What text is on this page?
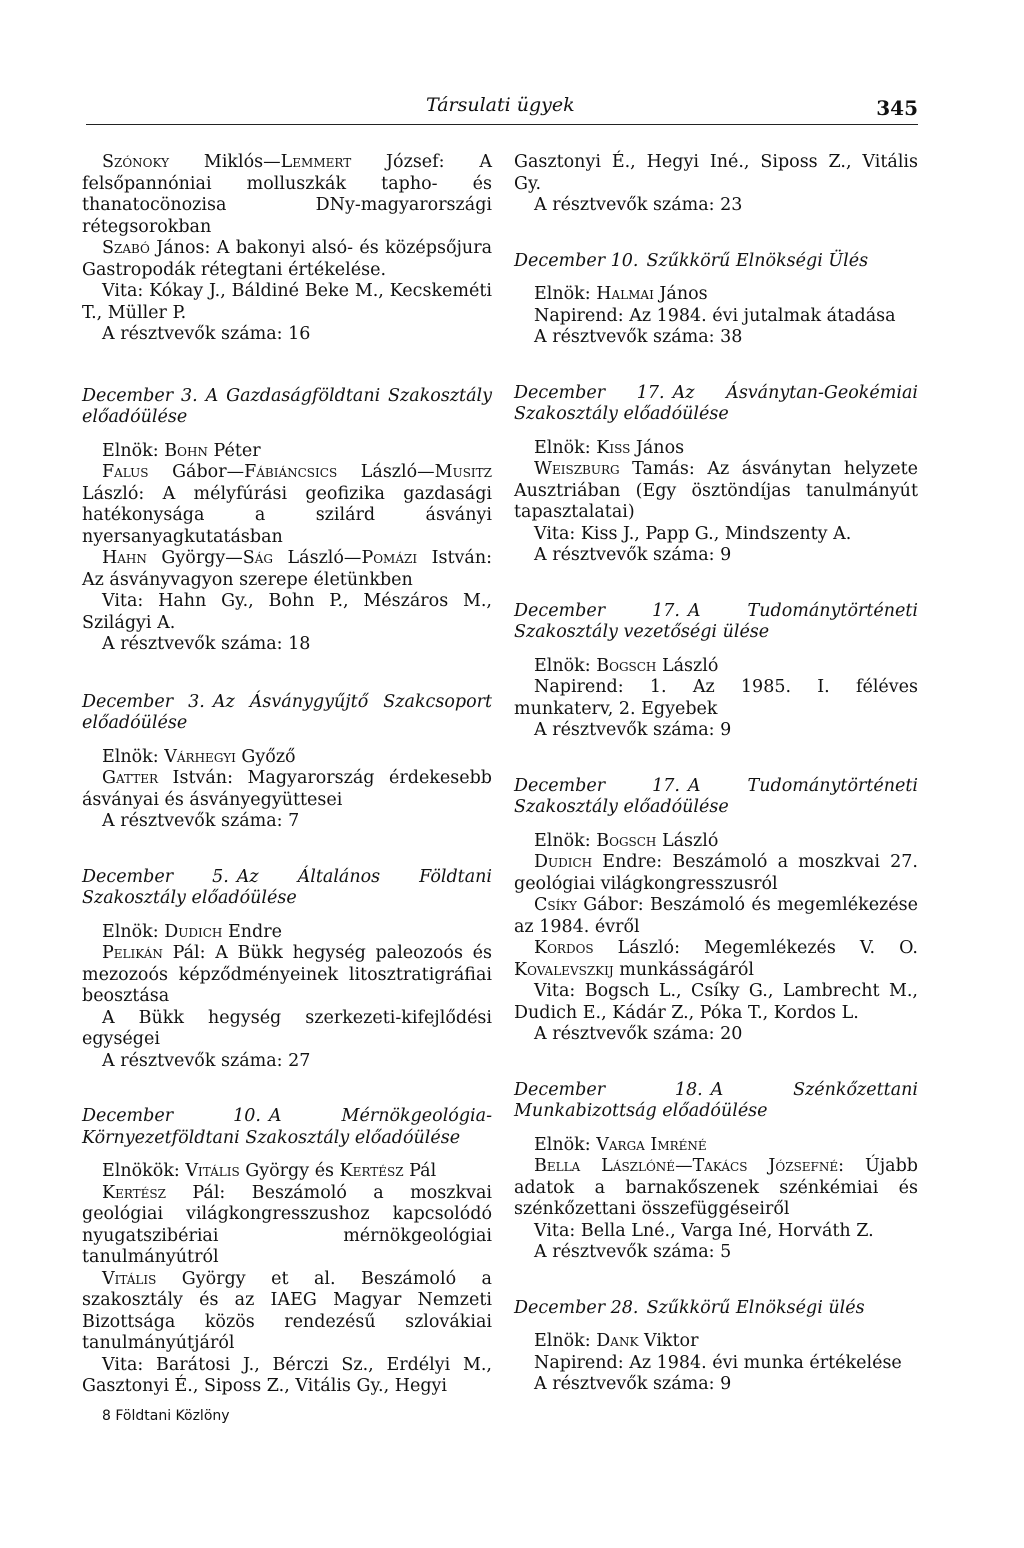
Társulati ügyek	345

Szónoky Miklós—Lemmert József: A felsőpannóniai molluszkák tapho- és thanatocönozisa DNy-magyarországi rétegsorokban

Szabó János: A bakonyi alsó- és középsőjura Gastropodák rétegtani értékelése.

Vita: Kókay J., Báldiné Beke M., Kecskeméti T., Müller P.

A résztvevők száma: 16

December 3. A Gazdaságföldtani Szakosztály előadóülése

Elnök: Bohn Péter

Falus Gábor—Fábiáncsics László—Musitz László: A mélyfúrási geofizika gazdasági hatékonysága a szilárd ásványi nyersanyagkutatásban

Hahn György—Ság László—Pomázi István: Az ásványvagyon szerepe életünkben

Vita: Hahn Gy., Bohn P., Mészáros M., Szilágyi A.

A résztvevők száma: 18

December 3. Az Ásványgyűjtő Szakcsoport előadóülése

Elnök: Várhegyi Győző

Gatter István: Magyarország érdekesebb ásványai és ásványegyüttesei

A résztvevők száma: 7

December 5. Az Általános Földtani Szakosztály előadóülése

Elnök: Dudich Endre

Pelikán Pál: A Bükk hegység paleozoós és mezozoós képződményeinek litosztratigráfiai beosztása

A Bükk hegység szerkezeti-kifejlődési egységei

A résztvevők száma: 27

December 10. A Mérnökgeológia-Környezetföldtani Szakosztály előadóülése

Elnökök: Vitális György és Kertész Pál

Kertész Pál: Beszámoló a moszkvai geológiai világkongresszushoz kapcsolódó nyugatszibériai mérnökgeológiai tanulmányútról

Vitális György et al. Beszámoló a szakosztály és az IAEG Magyar Nemzeti Bizottsága közös rendezésű szlovákiai tanulmányútjáról

Vita: Barátosi J., Bérczi Sz., Erdélyi M., Gasztonyi É., Siposs Z., Vitális Gy., Hegyi

Gasztonyi É., Hegyi Iné., Siposs Z., Vitális Gy.

A résztvevők száma: 23

December 10. Szűkkörű Elnökségi Ülés

Elnök: Halmai János

Napirend: Az 1984. évi jutalmak átadása

A résztvevők száma: 38

December 17. Az Ásványtan-Geokémiai Szakosztály előadóülése

Elnök: Kiss János

Weiszburg Tamás: Az ásványtan helyzete Ausztriában (Egy ösztöndíjas tanulmányút tapasztalatai)

Vita: Kiss J., Papp G., Mindszenty A.

A résztvevők száma: 9

December 17. A Tudománytörténeti Szakosztály vezetőségi ülése

Elnök: Bogsch László

Napirend: 1. Az 1985. I. féléves munkaterv, 2. Egyebek

A résztvevők száma: 9

December 17. A Tudománytörténeti Szakosztály előadóülése

Elnök: Bogsch László

Dudich Endre: Beszámoló a moszkvai 27. geológiai világkongresszusról

Csíky Gábor: Beszámoló és megemlékezése az 1984. évről

Kordos László: Megemlékezés V. O. Kovalevszkij munkásságáról

Vita: Bogsch L., Csíky G., Lambrecht M., Dudich E., Kádár Z., Póka T., Kordos L.

A résztvevők száma: 20

December 18. A Szénkőzettani Munkabizottság előadóülése

Elnök: Varga Imréné

Bella Lászlóné—Takács Józsefné: Újabb adatok a barnakőszenek szénkémiai és szénkőzettani összefüggéseiről

Vita: Bella Lné., Varga Iné, Horváth Z.

A résztvevők száma: 5

December 28. Szűkkörű Elnökségi ülés

Elnök: Dank Viktor

Napirend: Az 1984. évi munka értékelése

A résztvevők száma: 9

8 Földtani Közlöny
